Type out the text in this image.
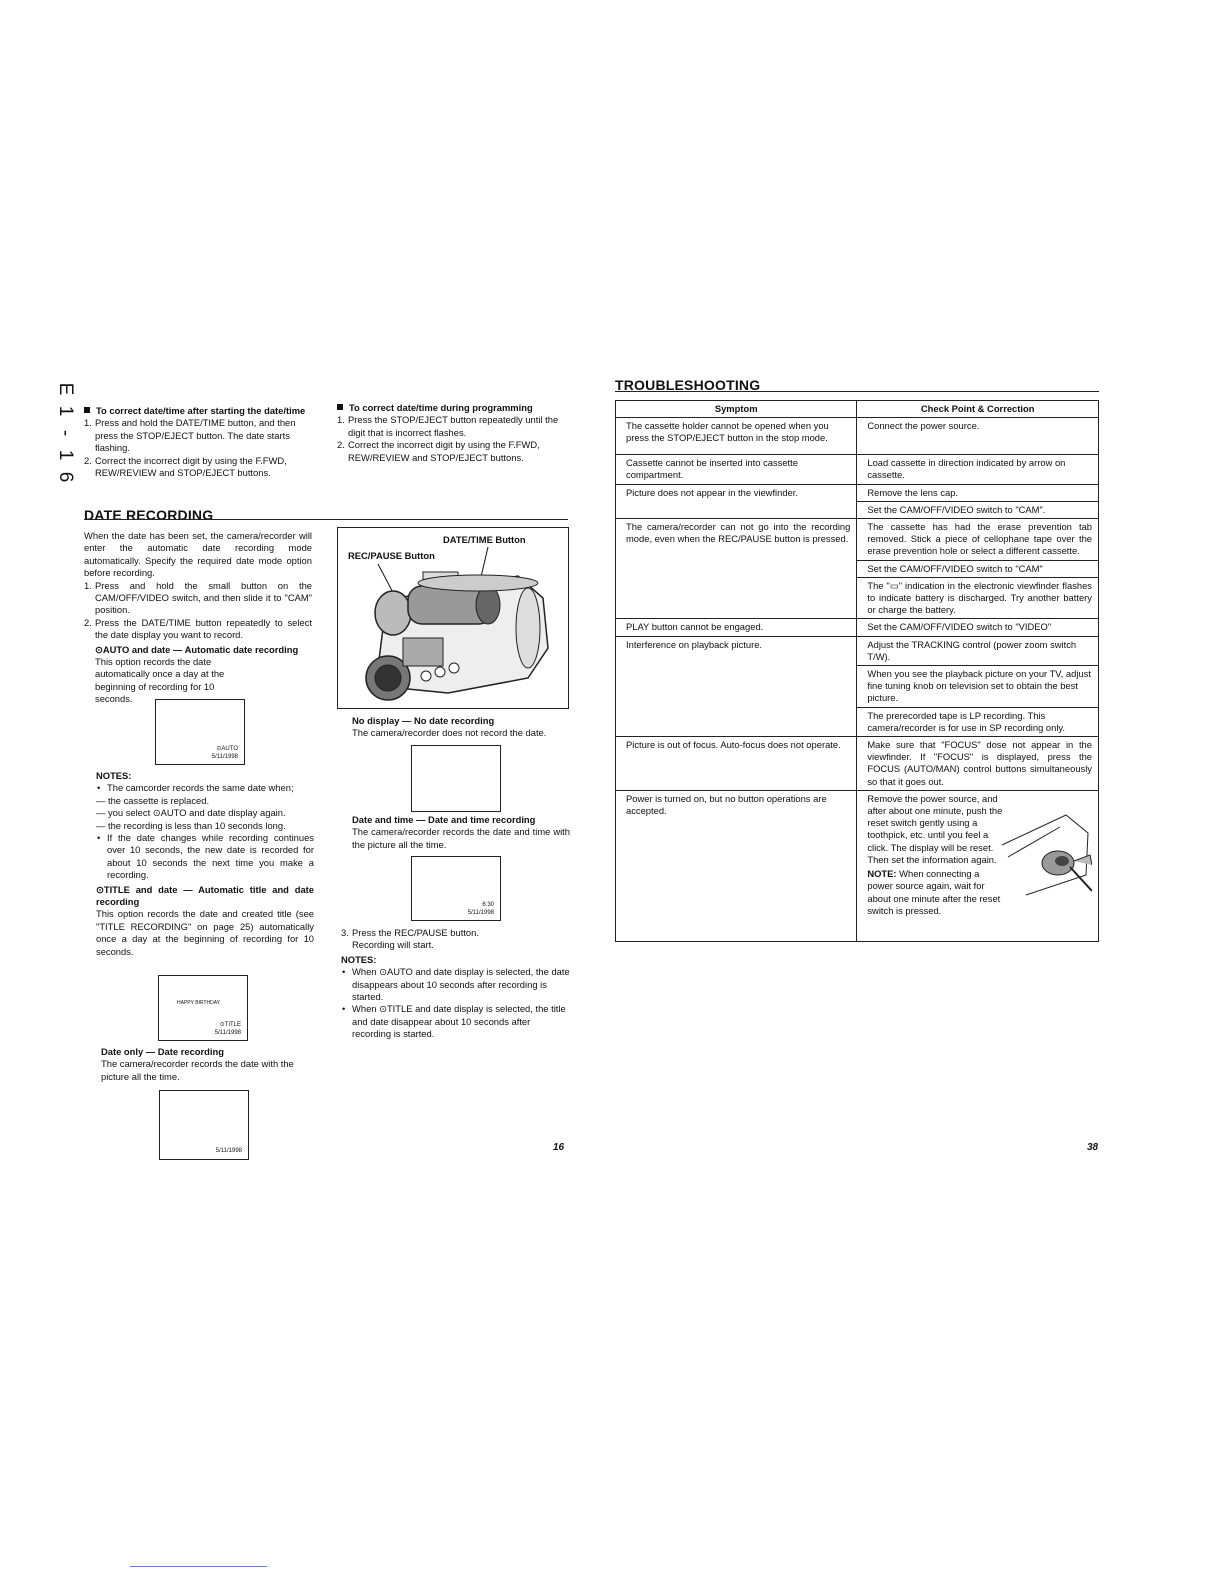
E
1
-
1
6
To correct date/time after starting the date/time
1. Press and hold the DATE/TIME button, and then press the STOP/EJECT button. The date starts flashing.
2. Correct the incorrect digit by using the F.FWD, REW/REVIEW and STOP/EJECT buttons.
To correct date/time during programming
1. Press the STOP/EJECT button repeatedly until the digit that is incorrect flashes.
2. Correct the incorrect digit by using the F.FWD, REW/REVIEW and STOP/EJECT buttons.
DATE RECORDING
When the date has been set, the camera/recorder will enter the automatic date recording mode automatically. Specify the required date mode option before recording.
1. Press and hold the small button on the CAM/OFF/VIDEO switch, and then slide it to "CAM" position.
2. Press the DATE/TIME button repeatedly to select the date display you want to record.
⊙AUTO and date — Automatic date recording
This option records the date automatically once a day at the beginning of recording for 10 seconds.
⊙AUTO
5/11/1998
NOTES:
• The camcorder records the same date when;
— the cassette is replaced.
— you select ⊙AUTO and date display again.
— the recording is less than 10 seconds long.
• If the date changes while recording continues over 10 seconds, the new date is recorded for about 10 seconds the next time you make a recording.
⊙TITLE and date — Automatic title and date recording
This option records the date and created title (see "TITLE RECORDING" on page 25) automatically once a day at the beginning of recording for 10 seconds.
HAPPY BIRTHDAY
⊙TITLE
5/11/1998
Date only — Date recording
The camera/recorder records the date with the picture all the time.
5/11/1998
DATE/TIME Button
REC/PAUSE Button
No display — No date recording
The camera/recorder does not record the date.
Date and time — Date and time recording
The camera/recorder records the date and time with the picture all the time.
6:30
5/11/1998
3. Press the REC/PAUSE button. Recording will start.
NOTES:
• When ⊙AUTO and date display is selected, the date disappears about 10 seconds after recording is started.
• When ⊙TITLE and date display is selected, the title and date disappear about 10 seconds after recording is started.
16
TROUBLESHOOTING
Symptom	Check Point & Correction
The cassette holder cannot be opened when you press the STOP/EJECT button in the stop mode.	Connect the power source.
Cassette cannot be inserted into cassette compartment.	Load cassette in direction indicated by arrow on cassette.
Picture does not appear in the viewfinder.	Remove the lens cap.
	Set the CAM/OFF/VIDEO switch to "CAM".
The camera/recorder can not go into the recording mode, even when the REC/PAUSE button is pressed.	The cassette has had the erase prevention tab removed. Stick a piece of cellophane tape over the erase prevention hole or select a different cassette.
	Set the CAM/OFF/VIDEO switch to "CAM"
	The "▭" indication in the electronic viewfinder flashes to indicate battery is discharged. Try another battery or charge the battery.
PLAY button cannot be engaged.	Set the CAM/OFF/VIDEO switch to "VIDEO"
Interference on playback picture.	Adjust the TRACKING control (power zoom switch T/W).
	When you see the playback picture on your TV, adjust fine tuning knob on television set to obtain the best picture.
	The prerecorded tape is LP recording. This camera/recorder is for use in SP recording only.
Picture is out of focus. Auto-focus does not operate.	Make sure that "FOCUS" dose not appear in the viewfinder. If "FOCUS" is displayed, press the FOCUS (AUTO/MAN) control buttons simultaneously so that it goes out.
Power is turned on, but no button operations are accepted.	Remove the power source, and after about one minute, push the reset switch gently using a toothpick, etc. until you feel a click. The display will be reset. Then set the information again.
NOTE: When connecting a power source again, wait for about one minute after the reset switch is pressed.
38
